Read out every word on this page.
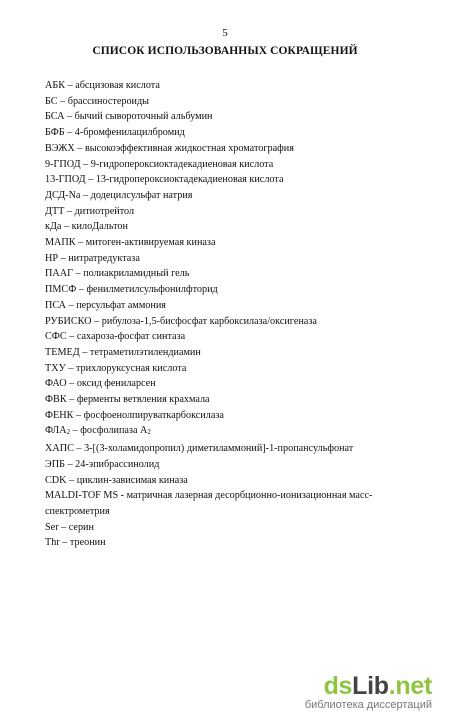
5
СПИСОК ИСПОЛЬЗОВАННЫХ СОКРАЩЕНИЙ
АБК – абсцизовая кислота
БС – брассиностероиды
БСА – бычий сывороточный альбумин
БФБ – 4-бромфенилацилбромид
ВЭЖХ – высокоэффективная жидкостная хроматография
9-ГПОД – 9-гидропероксиоктадекадиеновая кислота
13-ГПОД – 13-гидропероксиоктадекадиеновая кислота
ДСД-Na – додецилсульфат натрия
ДТТ – дитиотрейтол
кДа – килоДальтон
МАПК – митоген-активируемая киназа
НР – нитратредуктаза
ПААГ – полиакриламидный гель
ПМСФ – фенилметилсульфонилфторид
ПСА – персульфат аммония
РУБИСКО – рибулоза-1,5-бисфосфат карбоксилаза/оксигеназа
СФС – сахароза-фосфат синтаза
ТЕМЕД – тетраметилэтилендиамин
ТХУ – трихлоруксусная кислота
ФАО – оксид фениларсен
ФВК – ферменты ветвления крахмала
ФЕНК – фосфоенолпируваткарбоксилаза
$ФЛА_2$ – фосфолипаза $А_2$
ХАПС – 3-[(3-холамидопропил) диметиламмоний]-1-пропансульфонат
ЭПБ – 24-эпибрассинолид
CDK – циклин-зависимая киназа
MALDI-TOF MS - матричная лазерная десорбционно-ионизационная масс-спектрометрия
Ser – серин
Thr – треонин
dsLib.net
библиотека диссертаций
